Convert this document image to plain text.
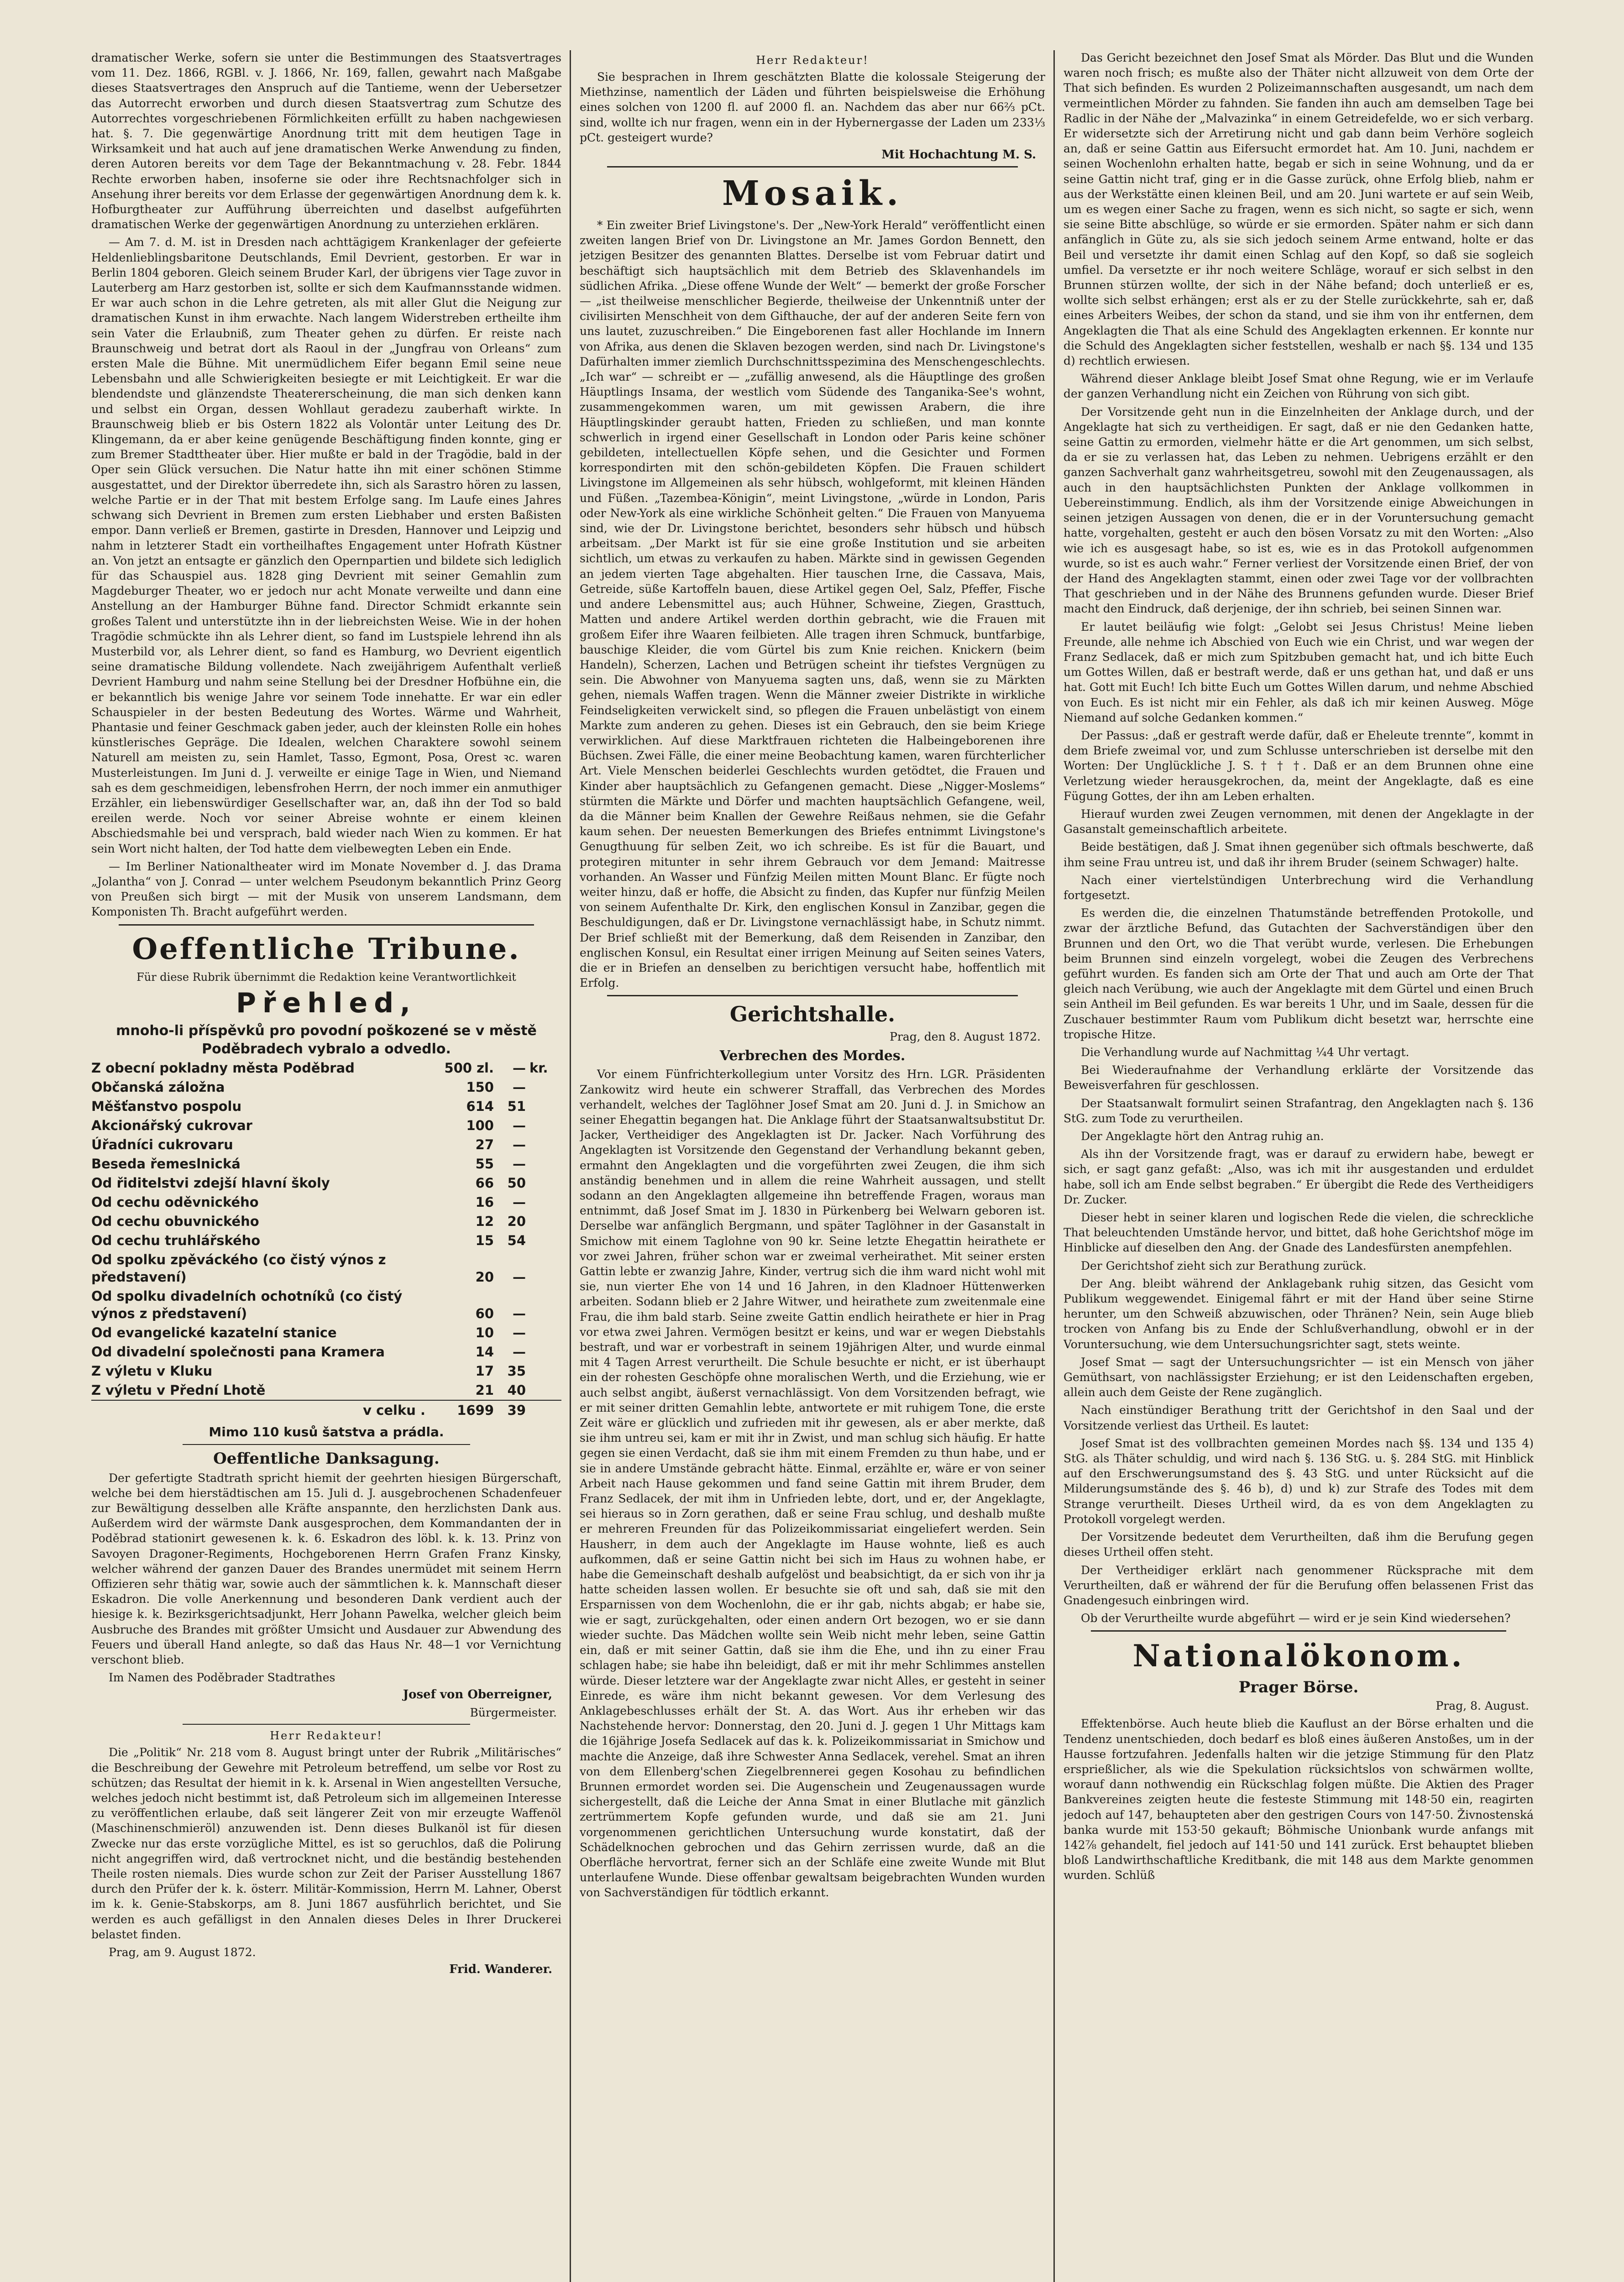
dramatischer Werke, sofern sie unter die Bestimmungen des Staatsvertrages vom 11. Dez. 1866, RGBl. v. J. 1866, Nr. 169, fallen, gewahrt nach Maßgabe dieses Staatsvertrages den Anspruch auf die Tantieme, wenn der Uebersetzer das Autorrecht erworben und durch diesen Staatsvertrag zum Schutze des Autorrechtes vorgeschriebenen Förmlichkeiten erfüllt zu haben nachgewiesen hat. §. 7. Die gegenwärtige Anordnung tritt mit dem heutigen Tage in Wirksamkeit und hat auch auf jene dramatischen Werke Anwendung zu finden, deren Autoren bereits vor dem Tage der Bekanntmachung v. 28. Febr. 1844 Rechte erworben haben, insoferne sie oder ihre Rechtsnachfolger sich in Ansehung ihrer bereits vor dem Erlasse der gegenwärtigen Anordnung dem k. k. Hofburgtheater zur Aufführung überreichten und daselbst aufgeführten dramatischen Werke der gegenwärtigen Anordnung zu unterziehen erklären.

— Am 7. d. M. ist in Dresden nach achttägigem Krankenlager der gefeierte Heldenlieblingsbaritone Deutschlands, Emil Devrient, gestorben. Er war in Berlin 1804 geboren. Gleich seinem Bruder Karl, der übrigens vier Tage zuvor in Lauterberg am Harz gestorben ist, sollte er sich dem Kaufmannsstande widmen. Er war auch schon in die Lehre getreten, als mit aller Glut die Neigung zur dramatischen Kunst in ihm erwachte. Nach langem Widerstreben ertheilte ihm sein Vater die Erlaubniß, zum Theater gehen zu dürfen. Er reiste nach Braunschweig und betrat dort als Raoul in der „Jungfrau von Orleans“ zum ersten Male die Bühne. Mit unermüdlichem Eifer begann Emil seine neue Lebensbahn und alle Schwierigkeiten besiegte er mit Leichtigkeit. Er war die blendendste und glänzendste Theatererscheinung, die man sich denken kann und selbst ein Organ, dessen Wohllaut geradezu zauberhaft wirkte. In Braunschweig blieb er bis Ostern 1822 als Volontär unter Leitung des Dr. Klingemann, da er aber keine genügende Beschäftigung finden konnte, ging er zum Bremer Stadttheater über. Hier mußte er bald in der Tragödie, bald in der Oper sein Glück versuchen. Die Natur hatte ihn mit einer schönen Stimme ausgestattet, und der Direktor überredete ihn, sich als Sarastro hören zu lassen, welche Partie er in der That mit bestem Erfolge sang. Im Laufe eines Jahres schwang sich Devrient in Bremen zum ersten Liebhaber und ersten Baßisten empor. Dann verließ er Bremen, gastirte in Dresden, Hannover und Leipzig und nahm in letzterer Stadt ein vortheilhaftes Engagement unter Hofrath Küstner an. Von jetzt an entsagte er gänzlich den Opernpartien und bildete sich lediglich für das Schauspiel aus. 1828 ging Devrient mit seiner Gemahlin zum Magdeburger Theater, wo er jedoch nur acht Monate verweilte und dann eine Anstellung an der Hamburger Bühne fand. Director Schmidt erkannte sein großes Talent und unterstützte ihn in der liebreichsten Weise. Wie in der hohen Tragödie schmückte ihn als Lehrer dient, so fand im Lustspiele lehrend ihn als Musterbild vor, als Lehrer dient, so fand es Hamburg, wo Devrient eigentlich seine dramatische Bildung vollendete. Nach zweijährigem Aufenthalt verließ Devrient Hamburg und nahm seine Stellung bei der Dresdner Hofbühne ein, die er bekanntlich bis wenige Jahre vor seinem Tode innehatte. Er war ein edler Schauspieler in der besten Bedeutung des Wortes. Wärme und Wahrheit, Phantasie und feiner Geschmack gaben jeder, auch der kleinsten Rolle ein hohes künstlerisches Gepräge. Die Idealen, welchen Charaktere sowohl seinem Naturell am meisten zu, sein Hamlet, Tasso, Egmont, Posa, Orest ꝛc. waren Musterleistungen. Im Juni d. J. verweilte er einige Tage in Wien, und Niemand sah es dem geschmeidigen, lebensfrohen Herrn, der noch immer ein anmuthiger Erzähler, ein liebenswürdiger Gesellschafter war, an, daß ihn der Tod so bald ereilen werde. Noch vor seiner Abreise wohnte er einem kleinen Abschiedsmahle bei und versprach, bald wieder nach Wien zu kommen. Er hat sein Wort nicht halten, der Tod hatte dem vielbewegten Leben ein Ende.

— Im Berliner Nationaltheater wird im Monate November d. J. das Drama „Jolantha“ von J. Conrad — unter welchem Pseudonym bekanntlich Prinz Georg von Preußen sich birgt — mit der Musik von unserem Landsmann, dem Komponisten Th. Bracht aufgeführt werden.

Oeffentliche Tribune.
Für diese Rubrik übernimmt die Redaktion keine Verantwortlichkeit
Přehled,
mnoho-li příspěvků pro povodní poškozené se v městě
Poděbradech vybralo a odvedlo.
Z obecní pokladny města Poděbrad	500 zl.	—	kr.
Občanská záložna	150	—	
Měšťanstvo pospolu	614	51	
Akcionářský cukrovar	100	—	
Úřadníci cukrovaru	27	—	
Beseda řemeslnická	55	—	
Od řiditelstvi zdejší hlavní školy	66	50	
Od cechu oděvnického	16	—	
Od cechu obuvnického	12	20	
Od cechu truhlářského	15	54	
Od spolku zpěváckého (co čistý výnos z představení)	20	—	
Od spolku divadelních ochotníků (co čistý výnos z představení)	60	—	
Od evangelické kazatelní stanice	10	—	
Od divadelní společnosti pana Kramera	14	—	
Z výletu v Kluku	17	35	
Z výletu v Přední Lhotě	21	40	
v celku .	1699	39	
Mimo 110 kusů šatstva a prádla.
Oeffentliche Danksagung.

Der gefertigte Stadtrath spricht hiemit der geehrten hiesigen Bürgerschaft, welche bei dem hierstädtischen am 15. Juli d. J. ausgebrochenen Schadenfeuer zur Bewältigung desselben alle Kräfte anspannte, den herzlichsten Dank aus. Außerdem wird der wärmste Dank ausgesprochen, dem Kommandanten der in Poděbrad stationirt gewesenen k. k. 6. Eskadron des löbl. k. k. 13. Prinz von Savoyen Dragoner-Regiments, Hochgeborenen Herrn Grafen Franz Kinsky, welcher während der ganzen Dauer des Brandes unermüdet mit seinem Herrn Offizieren sehr thätig war, sowie auch der sämmtlichen k. k. Mannschaft dieser Eskadron. Die volle Anerkennung und besonderen Dank verdient auch der hiesige k. k. Bezirksgerichtsadjunkt, Herr Johann Pawelka, welcher gleich beim Ausbruche des Brandes mit größter Umsicht und Ausdauer zur Abwendung des Feuers und überall Hand anlegte, so daß das Haus Nr. 48—1 vor Vernichtung verschont blieb.

Im Namen des Poděbrader Stadtrathes

Josef von Oberreigner,
Bürgermeister.
Herr Redakteur!

Die „Politik“ Nr. 218 vom 8. August bringt unter der Rubrik „Militärisches“ die Beschreibung der Gewehre mit Petroleum betreffend, um selbe vor Rost zu schützen; das Resultat der hiemit in k. k. Arsenal in Wien angestellten Versuche, welches jedoch nicht bestimmt ist, daß Petroleum sich im allgemeinen Interesse zu veröffentlichen erlaube, daß seit längerer Zeit von mir erzeugte Waffenöl (Maschinenschmieröl) anzuwenden ist. Denn dieses Bulkanöl ist für diesen Zwecke nur das erste vorzügliche Mittel, es ist so geruchlos, daß die Polirung nicht angegriffen wird, daß vertrocknet nicht, und die beständig bestehenden Theile rosten niemals. Dies wurde schon zur Zeit der Pariser Ausstellung 1867 durch den Prüfer der k. k. österr. Militär-Kommission, Herrn M. Lahner, Oberst im k. k. Genie-Stabskorps, am 8. Juni 1867 ausführlich berichtet, und Sie werden es auch gefälligst in den Annalen dieses Deles in Ihrer Druckerei belastet finden.

Prag, am 9. August 1872.

Frid. Wanderer.
Herr Redakteur!

Sie besprachen in Ihrem geschätzten Blatte die kolossale Steigerung der Miethzinse, namentlich der Läden und führten beispielsweise die Erhöhung eines solchen von 1200 fl. auf 2000 fl. an. Nachdem das aber nur 66⅔ pCt. sind, wollte ich nur fragen, wenn ein in der Hybernergasse der Laden um 233⅓ pCt. gesteigert wurde?

Mit Hochachtung M. S.
Mosaik.

* Ein zweiter Brief Livingstone's. Der „New-York Herald“ veröffentlicht einen zweiten langen Brief von Dr. Livingstone an Mr. James Gordon Bennett, den jetzigen Besitzer des genannten Blattes. Derselbe ist vom Februar datirt und beschäftigt sich hauptsächlich mit dem Betrieb des Sklavenhandels im südlichen Afrika. „Diese offene Wunde der Welt“ — bemerkt der große Forscher — „ist theilweise menschlicher Begierde, theilweise der Unkenntniß unter der civilisirten Menschheit von dem Gifthauche, der auf der anderen Seite fern von uns lautet, zuzuschreiben.“ Die Eingeborenen fast aller Hochlande im Innern von Afrika, aus denen die Sklaven bezogen werden, sind nach Dr. Livingstone's Dafürhalten immer ziemlich Durchschnittsspezimina des Menschengeschlechts. „Ich war“ — schreibt er — „zufällig anwesend, als die Häuptlinge des großen Häuptlings Insama, der westlich vom Südende des Tanganika-See's wohnt, zusammengekommen waren, um mit gewissen Arabern, die ihre Häuptlingskinder geraubt hatten, Frieden zu schließen, und man konnte schwerlich in irgend einer Gesellschaft in London oder Paris keine schöner gebildeten, intellectuellen Köpfe sehen, und die Gesichter und Formen korrespondirten mit den schön-gebildeten Köpfen. Die Frauen schildert Livingstone im Allgemeinen als sehr hübsch, wohlgeformt, mit kleinen Händen und Füßen. „Tazembea-Königin“, meint Livingstone, „würde in London, Paris oder New-York als eine wirkliche Schönheit gelten.“ Die Frauen von Manyuema sind, wie der Dr. Livingstone berichtet, besonders sehr hübsch und hübsch arbeitsam. „Der Markt ist für sie eine große Institution und sie arbeiten sichtlich, um etwas zu verkaufen zu haben. Märkte sind in gewissen Gegenden an jedem vierten Tage abgehalten. Hier tauschen Irne, die Cassava, Mais, Getreide, süße Kartoffeln bauen, diese Artikel gegen Oel, Salz, Pfeffer, Fische und andere Lebensmittel aus; auch Hühner, Schweine, Ziegen, Grasttuch, Matten und andere Artikel werden dorthin gebracht, wie die Frauen mit großem Eifer ihre Waaren feilbieten. Alle tragen ihren Schmuck, buntfarbige, bauschige Kleider, die vom Gürtel bis zum Knie reichen. Knickern (beim Handeln), Scherzen, Lachen und Betrügen scheint ihr tiefstes Vergnügen zu sein. Die Abwohner von Manyuema sagten uns, daß, wenn sie zu Märkten gehen, niemals Waffen tragen. Wenn die Männer zweier Distrikte in wirkliche Feindseligkeiten verwickelt sind, so pflegen die Frauen unbelästigt von einem Markte zum anderen zu gehen. Dieses ist ein Gebrauch, den sie beim Kriege verwirklichen. Auf diese Marktfrauen richteten die Halbeingeborenen ihre Büchsen. Zwei Fälle, die einer meine Beobachtung kamen, waren fürchterlicher Art. Viele Menschen beiderlei Geschlechts wurden getödtet, die Frauen und Kinder aber hauptsächlich zu Gefangenen gemacht. Diese „Nigger-Moslems“ stürmten die Märkte und Dörfer und machten hauptsächlich Gefangene, weil, da die Männer beim Knallen der Gewehre Reißaus nehmen, sie die Gefahr kaum sehen. Der neuesten Bemerkungen des Briefes entnimmt Livingstone's Genugthuung für selben Zeit, wo ich schreibe. Es ist für die Bauart, und protegiren mitunter in sehr ihrem Gebrauch vor dem Jemand: Maitresse vorhanden. An Wasser und Fünfzig Meilen mitten Mount Blanc. Er fügte noch weiter hinzu, daß er hoffe, die Absicht zu finden, das Kupfer nur fünfzig Meilen von seinem Aufenthalte Dr. Kirk, den englischen Konsul in Zanzibar, gegen die Beschuldigungen, daß er Dr. Livingstone vernachlässigt habe, in Schutz nimmt. Der Brief schließt mit der Bemerkung, daß dem Reisenden in Zanzibar, den englischen Konsul, ein Resultat einer irrigen Meinung auf Seiten seines Vaters, die er in Briefen an denselben zu berichtigen versucht habe, hoffentlich mit Erfolg.

Gerichtshalle.
Prag, den 8. August 1872.
Verbrechen des Mordes.

Vor einem Fünfrichterkollegium unter Vorsitz des Hrn. LGR. Präsidenten Zankowitz wird heute ein schwerer Straffall, das Verbrechen des Mordes verhandelt, welches der Taglöhner Josef Smat am 20. Juni d. J. in Smichow an seiner Ehegattin begangen hat. Die Anklage führt der Staatsanwaltsubstitut Dr. Jacker, Vertheidiger des Angeklagten ist Dr. Jacker. Nach Vorführung des Angeklagten ist Vorsitzende den Gegenstand der Verhandlung bekannt geben, ermahnt den Angeklagten und die vorgeführten zwei Zeugen, die ihm sich anständig benehmen und in allem die reine Wahrheit aussagen, und stellt sodann an den Angeklagten allgemeine ihn betreffende Fragen, woraus man entnimmt, daß Josef Smat im J. 1830 in Pürkenberg bei Welwarn geboren ist. Derselbe war anfänglich Bergmann, und später Taglöhner in der Gasanstalt in Smichow mit einem Taglohne von 90 kr. Seine letzte Ehegattin heirathete er vor zwei Jahren, früher schon war er zweimal verheirathet. Mit seiner ersten Gattin lebte er zwanzig Jahre, Kinder, vertrug sich die ihm ward nicht wohl mit sie, nun vierter Ehe von 14 und 16 Jahren, in den Kladnoer Hüttenwerken arbeiten. Sodann blieb er 2 Jahre Witwer, und heirathete zum zweitenmale eine Frau, die ihm bald starb. Seine zweite Gattin endlich heirathete er hier in Prag vor etwa zwei Jahren. Vermögen besitzt er keins, und war er wegen Diebstahls bestraft, und war er vorbestraft in seinem 19jährigen Alter, und wurde einmal mit 4 Tagen Arrest verurtheilt. Die Schule besuchte er nicht, er ist überhaupt ein der rohesten Geschöpfe ohne moralischen Werth, und die Erziehung, wie er auch selbst angibt, äußerst vernachlässigt. Von dem Vorsitzenden befragt, wie er mit seiner dritten Gemahlin lebte, antwortete er mit ruhigem Tone, die erste Zeit wäre er glücklich und zufrieden mit ihr gewesen, als er aber merkte, daß sie ihm untreu sei, kam er mit ihr in Zwist, und man schlug sich häufig. Er hatte gegen sie einen Verdacht, daß sie ihm mit einem Fremden zu thun habe, und er sie in andere Umstände gebracht hätte. Einmal, erzählte er, wäre er von seiner Arbeit nach Hause gekommen und fand seine Gattin mit ihrem Bruder, dem Franz Sedlacek, der mit ihm in Unfrieden lebte, dort, und er, der Angeklagte, sei hieraus so in Zorn gerathen, daß er seine Frau schlug, und deshalb mußte er mehreren Freunden für das Polizeikommissariat eingeliefert werden. Sein Hausherr, in dem auch der Angeklagte im Hause wohnte, ließ es auch aufkommen, daß er seine Gattin nicht bei sich im Haus zu wohnen habe, er habe die Gemeinschaft deshalb aufgelöst und beabsichtigt, da er sich von ihr ja hatte scheiden lassen wollen. Er besuchte sie oft und sah, daß sie mit den Ersparnissen von dem Wochenlohn, die er ihr gab, nichts abgab; er habe sie, wie er sagt, zurückgehalten, oder einen andern Ort bezogen, wo er sie dann wieder suchte. Das Mädchen wollte sein Weib nicht mehr leben, seine Gattin ein, daß er mit seiner Gattin, daß sie ihm die Ehe, und ihn zu einer Frau schlagen habe; sie habe ihn beleidigt, daß er mit ihr mehr Schlimmes anstellen würde. Dieser letztere war der Angeklagte zwar nicht Alles, er gesteht in seiner Einrede, es wäre ihm nicht bekannt gewesen. Vor dem Verlesung des Anklagebeschlusses erhält der St. A. das Wort. Aus ihr erheben wir das Nachstehende hervor: Donnerstag, den 20. Juni d. J. gegen 1 Uhr Mittags kam die 16jährige Josefa Sedlacek auf das k. k. Polizeikommissariat in Smichow und machte die Anzeige, daß ihre Schwester Anna Sedlacek, verehel. Smat an ihren von dem Ellenberg'schen Ziegelbrennerei gegen Kosohau zu befindlichen Brunnen ermordet worden sei. Die Augenschein und Zeugenaussagen wurde sichergestellt, daß die Leiche der Anna Smat in einer Blutlache mit gänzlich zertrümmertem Kopfe gefunden wurde, und daß sie am 21. Juni vorgenommenen gerichtlichen Untersuchung wurde konstatirt, daß der Schädelknochen gebrochen und das Gehirn zerrissen wurde, daß an die Oberfläche hervortrat, ferner sich an der Schläfe eine zweite Wunde mit Blut unterlaufene Wunde. Diese offenbar gewaltsam beigebrachten Wunden wurden von Sachverständigen für tödtlich erkannt.

Das Gericht bezeichnet den Josef Smat als Mörder. Das Blut und die Wunden waren noch frisch; es mußte also der Thäter nicht allzuweit von dem Orte der That sich befinden. Es wurden 2 Polizeimannschaften ausgesandt, um nach dem vermeintlichen Mörder zu fahnden. Sie fanden ihn auch am demselben Tage bei Radlic in der Nähe der „Malvazinka“ in einem Getreidefelde, wo er sich verbarg. Er widersetzte sich der Arretirung nicht und gab dann beim Verhöre sogleich an, daß er seine Gattin aus Eifersucht ermordet hat. Am 10. Juni, nachdem er seinen Wochenlohn erhalten hatte, begab er sich in seine Wohnung, und da er seine Gattin nicht traf, ging er in die Gasse zurück, ohne Erfolg blieb, nahm er aus der Werkstätte einen kleinen Beil, und am 20. Juni wartete er auf sein Weib, um es wegen einer Sache zu fragen, wenn es sich nicht, so sagte er sich, wenn sie seine Bitte abschlüge, so würde er sie ermorden. Später nahm er sich dann anfänglich in Güte zu, als sie sich jedoch seinem Arme entwand, holte er das Beil und versetzte ihr damit einen Schlag auf den Kopf, so daß sie sogleich umfiel. Da versetzte er ihr noch weitere Schläge, worauf er sich selbst in den Brunnen stürzen wollte, der sich in der Nähe befand; doch unterließ er es, wollte sich selbst erhängen; erst als er zu der Stelle zurückkehrte, sah er, daß eines Arbeiters Weibes, der schon da stand, und sie ihm von ihr entfernen, dem Angeklagten die That als eine Schuld des Angeklagten erkennen. Er konnte nur die Schuld des Angeklagten sicher feststellen, weshalb er nach §§. 134 und 135 d) rechtlich erwiesen.

Während dieser Anklage bleibt Josef Smat ohne Regung, wie er im Verlaufe der ganzen Verhandlung nicht ein Zeichen von Rührung von sich gibt.

Der Vorsitzende geht nun in die Einzelnheiten der Anklage durch, und der Angeklagte hat sich zu vertheidigen. Er sagt, daß er nie den Gedanken hatte, seine Gattin zu ermorden, vielmehr hätte er die Art genommen, um sich selbst, da er sie zu verlassen hat, das Leben zu nehmen. Uebrigens erzählt er den ganzen Sachverhalt ganz wahrheitsgetreu, sowohl mit den Zeugenaussagen, als auch in den hauptsächlichsten Punkten der Anklage vollkommen in Uebereinstimmung. Endlich, als ihm der Vorsitzende einige Abweichungen in seinen jetzigen Aussagen von denen, die er in der Voruntersuchung gemacht hatte, vorgehalten, gesteht er auch den bösen Vorsatz zu mit den Worten: „Also wie ich es ausgesagt habe, so ist es, wie es in das Protokoll aufgenommen wurde, so ist es auch wahr.“ Ferner verliest der Vorsitzende einen Brief, der von der Hand des Angeklagten stammt, einen oder zwei Tage vor der vollbrachten That geschrieben und in der Nähe des Brunnens gefunden wurde. Dieser Brief macht den Eindruck, daß derjenige, der ihn schrieb, bei seinen Sinnen war.

Er lautet beiläufig wie folgt: „Gelobt sei Jesus Christus! Meine lieben Freunde, alle nehme ich Abschied von Euch wie ein Christ, und war wegen der Franz Sedlacek, daß er mich zum Spitzbuben gemacht hat, und ich bitte Euch um Gottes Willen, daß er bestraft werde, daß er uns gethan hat, und daß er uns hat. Gott mit Euch! Ich bitte Euch um Gottes Willen darum, und nehme Abschied von Euch. Es ist nicht mir ein Fehler, als daß ich mir keinen Ausweg. Möge Niemand auf solche Gedanken kommen.“

Der Passus: „daß er gestraft werde dafür, daß er Eheleute trennte“, kommt in dem Briefe zweimal vor, und zum Schlusse unterschrieben ist derselbe mit den Worten: Der Unglückliche J. S. † † †. Daß er an dem Brunnen ohne eine Verletzung wieder herausgekrochen, da, meint der Angeklagte, daß es eine Fügung Gottes, der ihn am Leben erhalten.

Hierauf wurden zwei Zeugen vernommen, mit denen der Angeklagte in der Gasanstalt gemeinschaftlich arbeitete.

Beide bestätigen, daß J. Smat ihnen gegenüber sich oftmals beschwerte, daß ihm seine Frau untreu ist, und daß ihr ihrem Bruder (seinem Schwager) halte.

Nach einer viertelstündigen Unterbrechung wird die Verhandlung fortgesetzt.

Es werden die, die einzelnen Thatumstände betreffenden Protokolle, und zwar der ärztliche Befund, das Gutachten der Sachverständigen über den Brunnen und den Ort, wo die That verübt wurde, verlesen. Die Erhebungen beim Brunnen sind einzeln vorgelegt, wobei die Zeugen des Verbrechens geführt wurden. Es fanden sich am Orte der That und auch am Orte der That gleich nach Verübung, wie auch der Angeklagte mit dem Gürtel und einen Bruch sein Antheil im Beil gefunden. Es war bereits 1 Uhr, und im Saale, dessen für die Zuschauer bestimmter Raum vom Publikum dicht besetzt war, herrschte eine tropische Hitze.

Die Verhandlung wurde auf Nachmittag ¼4 Uhr vertagt.

Bei Wiederaufnahme der Verhandlung erklärte der Vorsitzende das Beweisverfahren für geschlossen.

Der Staatsanwalt formulirt seinen Strafantrag, den Angeklagten nach §. 136 StG. zum Tode zu verurtheilen.

Der Angeklagte hört den Antrag ruhig an.

Als ihn der Vorsitzende fragt, was er darauf zu erwidern habe, bewegt er sich, er sagt ganz gefaßt: „Also, was ich mit ihr ausgestanden und erduldet habe, soll ich am Ende selbst begraben.“ Er übergibt die Rede des Vertheidigers Dr. Zucker.

Dieser hebt in seiner klaren und logischen Rede die vielen, die schreckliche That beleuchtenden Umstände hervor, und bittet, daß hohe Gerichtshof möge im Hinblicke auf dieselben den Ang. der Gnade des Landesfürsten anempfehlen.

Der Gerichtshof zieht sich zur Berathung zurück.

Der Ang. bleibt während der Anklagebank ruhig sitzen, das Gesicht vom Publikum weggewendet. Einigemal fährt er mit der Hand über seine Stirne herunter, um den Schweiß abzuwischen, oder Thränen? Nein, sein Auge blieb trocken von Anfang bis zu Ende der Schlußverhandlung, obwohl er in der Voruntersuchung, wie dem Untersuchungsrichter sagt, stets weinte.

Josef Smat — sagt der Untersuchungsrichter — ist ein Mensch von jäher Gemüthsart, von nachlässigster Erziehung; er ist den Leidenschaften ergeben, allein auch dem Geiste der Rene zugänglich.

Nach einstündiger Berathung tritt der Gerichtshof in den Saal und der Vorsitzende verliest das Urtheil. Es lautet:

Josef Smat ist des vollbrachten gemeinen Mordes nach §§. 134 und 135 4) StG. als Thäter schuldig, und wird nach §. 136 StG. u. §. 284 StG. mit Hinblick auf den Erschwerungsumstand des §. 43 StG. und unter Rücksicht auf die Milderungsumstände des §. 46 b), d) und k) zur Strafe des Todes mit dem Strange verurtheilt. Dieses Urtheil wird, da es von dem Angeklagten zu Protokoll vorgelegt werden.

Der Vorsitzende bedeutet dem Verurtheilten, daß ihm die Berufung gegen dieses Urtheil offen steht.

Der Vertheidiger erklärt nach genommener Rücksprache mit dem Verurtheilten, daß er während der für die Berufung offen belassenen Frist das Gnadengesuch einbringen wird.

Ob der Verurtheilte wurde abgeführt — wird er je sein Kind wiedersehen?

Nationalökonom.
Prager Börse.
Prag, 8. August.

Effektenbörse. Auch heute blieb die Kauflust an der Börse erhalten und die Tendenz unentschieden, doch bedarf es bloß eines äußeren Anstoßes, um in der Hausse fortzufahren. Jedenfalls halten wir die jetzige Stimmung für den Platz ersprießlicher, als wie die Spekulation rücksichtslos von schwärmen wollte, worauf dann nothwendig ein Rückschlag folgen müßte. Die Aktien des Prager Bankvereines zeigten heute die festeste Stimmung mit 148·50 ein, reagirten jedoch auf 147, behaupteten aber den gestrigen Cours von 147·50. Živnostenská banka wurde mit 153·50 gekauft; Böhmische Unionbank wurde anfangs mit 142⅞ gehandelt, fiel jedoch auf 141·50 und 141 zurück. Erst behauptet blieben bloß Landwirthschaftliche Kreditbank, die mit 148 aus dem Markte genommen wurden. Schlüß
